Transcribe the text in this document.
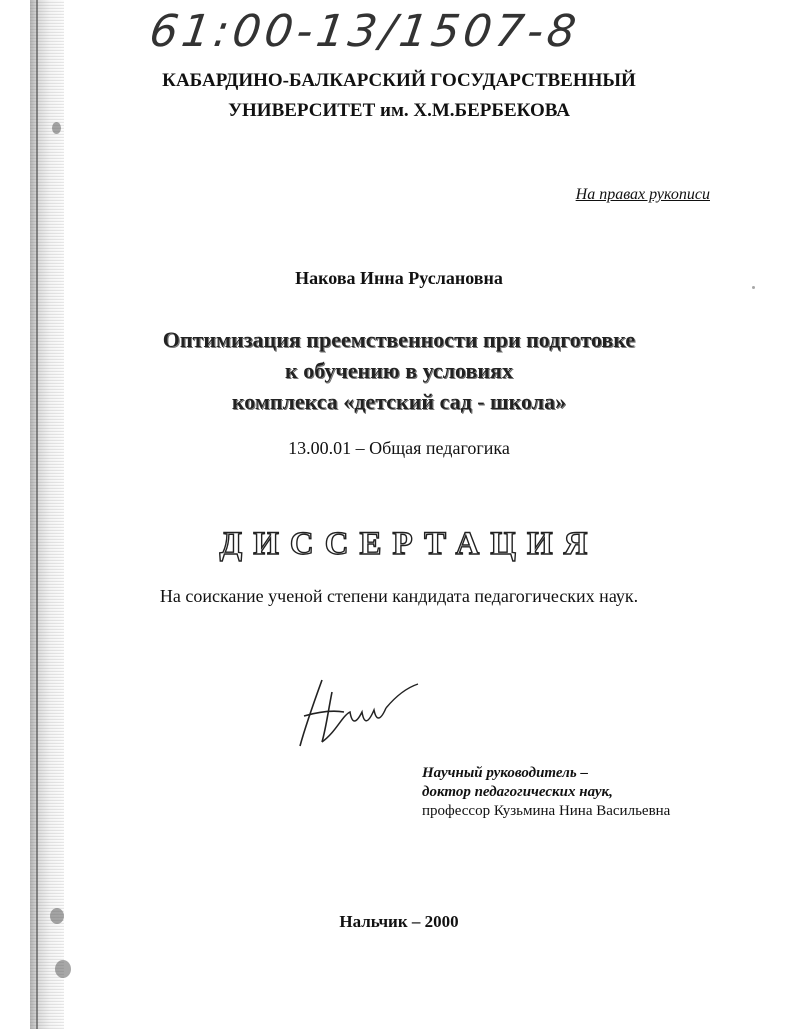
61:00-13/1507-8
КАБАРДИНО-БАЛКАРСКИЙ ГОСУДАРСТВЕННЫЙ
УНИВЕРСИТЕТ им. Х.М.БЕРБЕКОВА
На правах рукописи
Накова Инна Руслановна
Оптимизация преемственности при подготовке
к обучению в условиях
комплекса «детский сад - школа»
13.00.01 – Общая педагогика
ДИССЕРТАЦИЯ
На соискание ученой степени кандидата педагогических наук.
Научный руководитель –
доктор педагогических наук,
профессор Кузьмина Нина Васильевна
Нальчик – 2000
